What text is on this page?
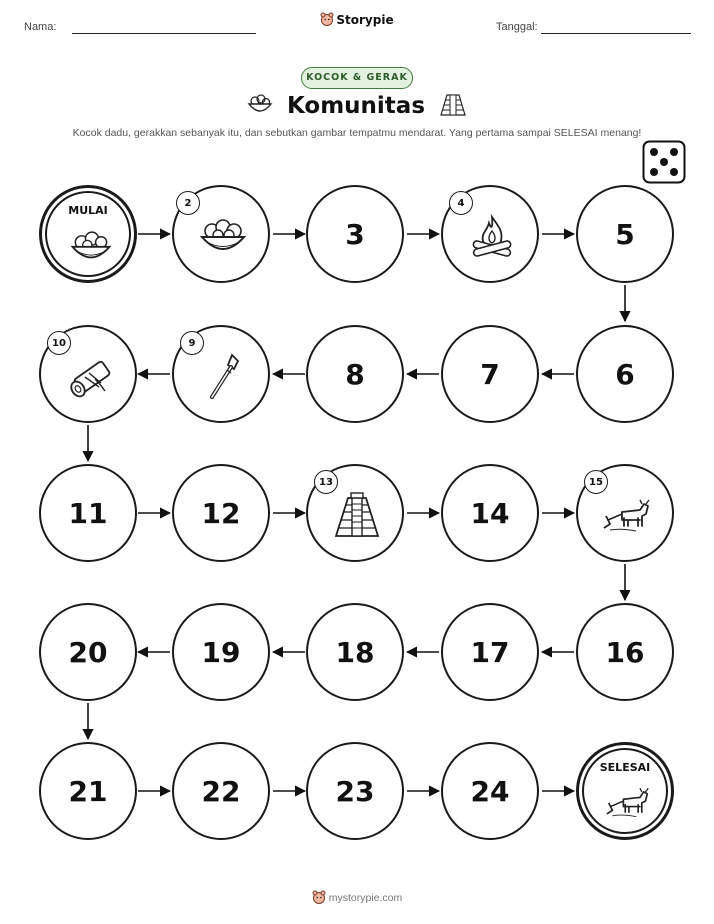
Nama:	Storypie	Tanggal:
KOCOK & GERAK
Komunitas
Kocok dadu, gerakkan sebanyak itu, dan sebutkan gambar tempatmu mendarat. Yang pertama sampai SELESAI menang!
MULAI
2
3
4
5
6
7
8
9
10
11	12
13
14
15
16
17
18
19
20
21	22	23	24
SELESAI
mystorypie.com
